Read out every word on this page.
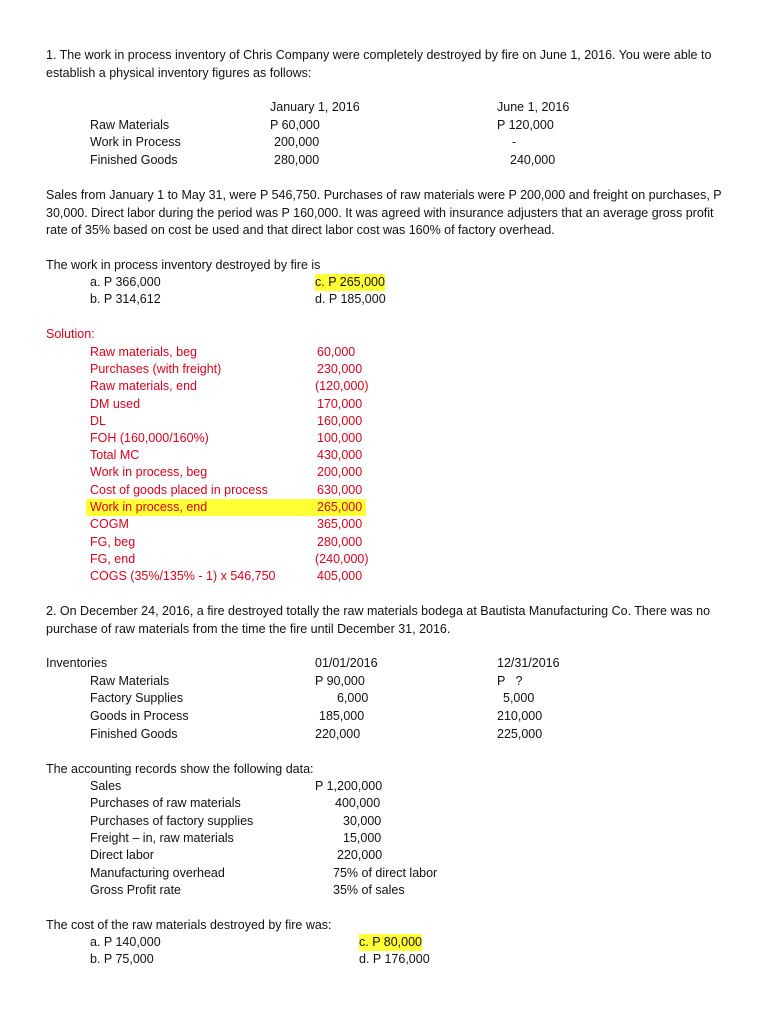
1. The work in process inventory of Chris Company were completely destroyed by fire on June 1, 2016. You were able to establish a physical inventory figures as follows:
January 1, 2016	June 1, 2016
Raw Materials	P 60,000	P 120,000
Work in Process	200,000	-
Finished Goods	280,000	240,000
Sales from January 1 to May 31, were P 546,750. Purchases of raw materials were P 200,000 and freight on purchases, P 30,000. Direct labor during the period was P 160,000. It was agreed with insurance adjusters that an average gross profit rate of 35% based on cost be used and that direct labor cost was 160% of factory overhead.
The work in process inventory destroyed by fire is
a. P 366,000	c. P 265,000
b. P 314,612	d. P 185,000
Solution:
Raw materials, beg	60,000
Purchases (with freight)	230,000
Raw materials, end	(120,000)
DM used	170,000
DL	160,000
FOH (160,000/160%)	100,000
Total MC	430,000
Work in process, beg	200,000
Cost of goods placed in process	630,000
Work in process, end	265,000
COGM	365,000
FG, beg	280,000
FG, end	(240,000)
COGS (35%/135% - 1) x 546,750	405,000
2. On December 24, 2016, a fire destroyed totally the raw materials bodega at Bautista Manufacturing Co. There was no purchase of raw materials from the time the fire until December 31, 2016.
Inventories	01/01/2016	12/31/2016
Raw Materials	P 90,000	P   ?
Factory Supplies	6,000	5,000
Goods in Process	185,000	210,000
Finished Goods	220,000	225,000
The accounting records show the following data:
Sales	P 1,200,000
Purchases of raw materials	400,000
Purchases of factory supplies	30,000
Freight – in, raw materials	15,000
Direct labor	220,000
Manufacturing overhead	75% of direct labor
Gross Profit rate	35% of sales
The cost of the raw materials destroyed by fire was:
a. P 140,000	c. P 80,000
b. P 75,000	d. P 176,000
